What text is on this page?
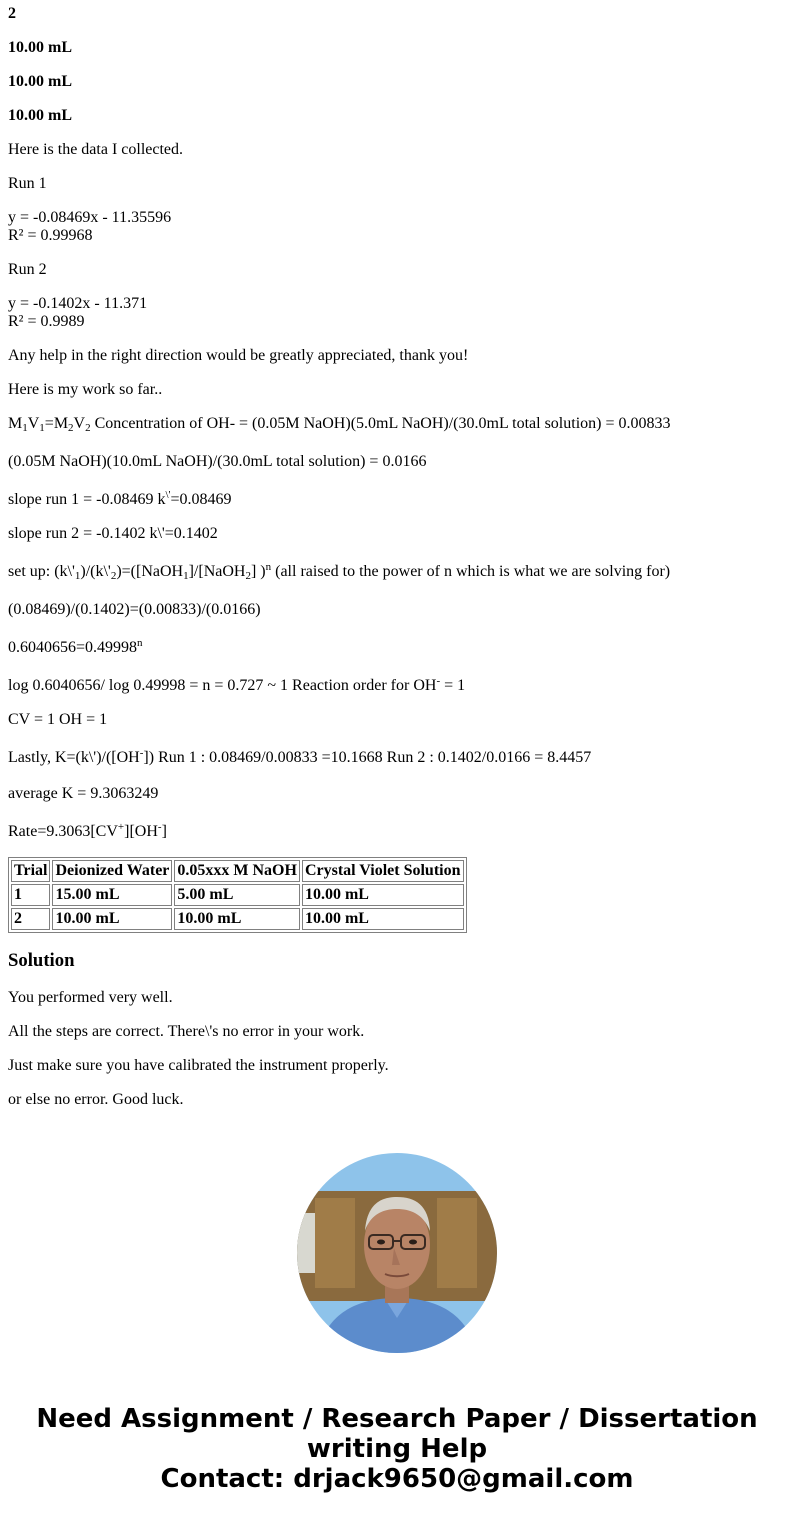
2

10.00 mL

10.00 mL

10.00 mL

Here is the data I collected.

Run 1

y = -0.08469x - 11.35596
R² = 0.99968

Run 2

y = -0.1402x - 11.371
R² = 0.9989

Any help in the right direction would be greatly appreciated, thank you!

Here is my work so far..

$M_1V_1=M_2V_2$ Concentration of OH- = (0.05M NaOH)(5.0mL NaOH)/(30.0mL total solution) = 0.00833

(0.05M NaOH)(10.0mL NaOH)/(30.0mL total solution) = 0.0166

slope run 1 = -0.08469 k\'=0.08469

slope run 2 = -0.1402 k\'=0.1402

set up: $(k\backslash'_1)/(k\backslash'_2)=([NaOH_1]/[NaOH_2]$ )$^n$ (all raised to the power of n which is what we are solving for)

(0.08469)/(0.1402)=(0.00833)/(0.0166)

$0.6040656=0.49998^n$

log 0.6040656/ log 0.49998 = n = 0.727 ~ 1 Reaction order for OH- = 1

CV = 1 OH = 1

Lastly, K=(k\')/([OH-]) Run 1 : 0.08469/0.00833 =10.1668 Run 2 : 0.1402/0.0166 = 8.4457

average K = 9.3063249

Rate=9.3063[CV+][OH-]

Trial	Deionized Water	0.05xxx M NaOH	Crystal Violet Solution
1	15.00 mL	5.00 mL	10.00 mL
2	10.00 mL	10.00 mL	10.00 mL
Solution

You performed very well.

All the steps are correct. There\'s no error in your work.

Just make sure you have calibrated the instrument properly.

or else no error. Good luck.

Need Assignment / Research Paper / Dissertation
writing Help
Contact: drjack9650@gmail.com
